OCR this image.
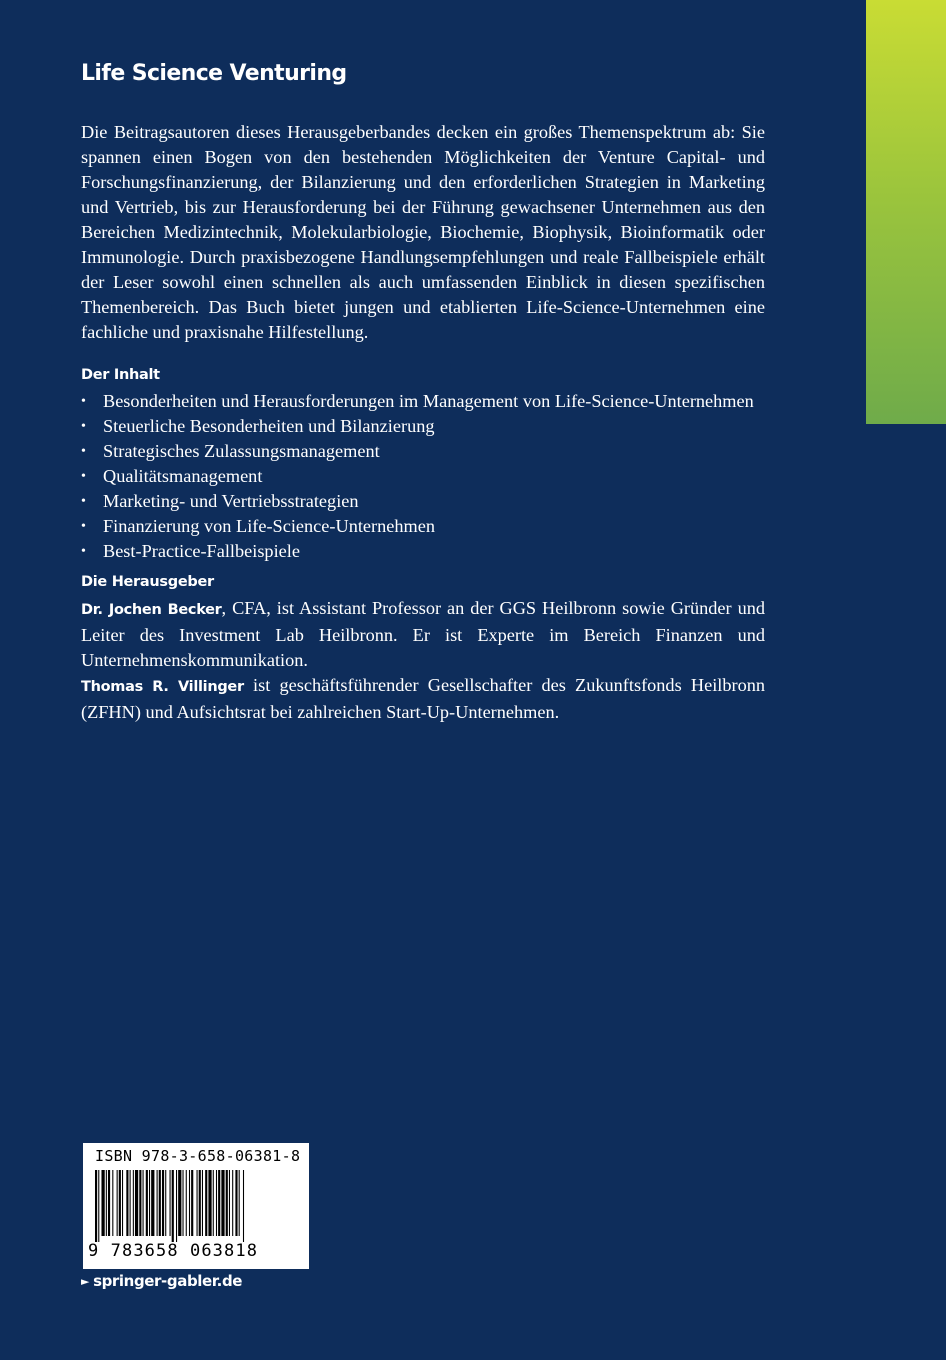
Life Science Venturing

Die Beitragsautoren dieses Herausgeberbandes decken ein großes Themenspektrum ab: Sie spannen einen Bogen von den bestehenden Möglichkeiten der Venture Capital- und Forschungsfinanzierung, der Bilanzierung und den erforderlichen Strategien in Marketing und Vertrieb, bis zur Herausforderung bei der Führung gewachsener Unternehmen aus den Bereichen Medizintechnik, Molekularbiologie, Biochemie, Biophysik, Bioinformatik oder Immunologie. Durch praxisbezogene Handlungsempfehlungen und reale Fallbeispiele erhält der Leser sowohl einen schnellen als auch umfassenden Einblick in diesen spezifischen Themenbereich. Das Buch bietet jungen und etablierten Life-Science-Unternehmen eine fachliche und praxisnahe Hilfestellung.

Der Inhalt
• Besonderheiten und Herausforderungen im Management von Life-Science-Unternehmen
• Steuerliche Besonderheiten und Bilanzierung
• Strategisches Zulassungsmanagement
• Qualitätsmanagement
• Marketing- und Vertriebsstrategien
• Finanzierung von Life-Science-Unternehmen
• Best-Practice-Fallbeispiele
Die Herausgeber

Dr. Jochen Becker, CFA, ist Assistant Professor an der GGS Heilbronn sowie Gründer und Leiter des Investment Lab Heilbronn. Er ist Experte im Bereich Finanzen und Unternehmenskommunikation.

Thomas R. Villinger ist geschäftsführender Gesellschafter des Zukunftsfonds Heilbronn (ZFHN) und Aufsichtsrat bei zahlreichen Start-Up-Unternehmen.

ISBN 978-3-658-06381-8
9 783658 063818
► springer-gabler.de
